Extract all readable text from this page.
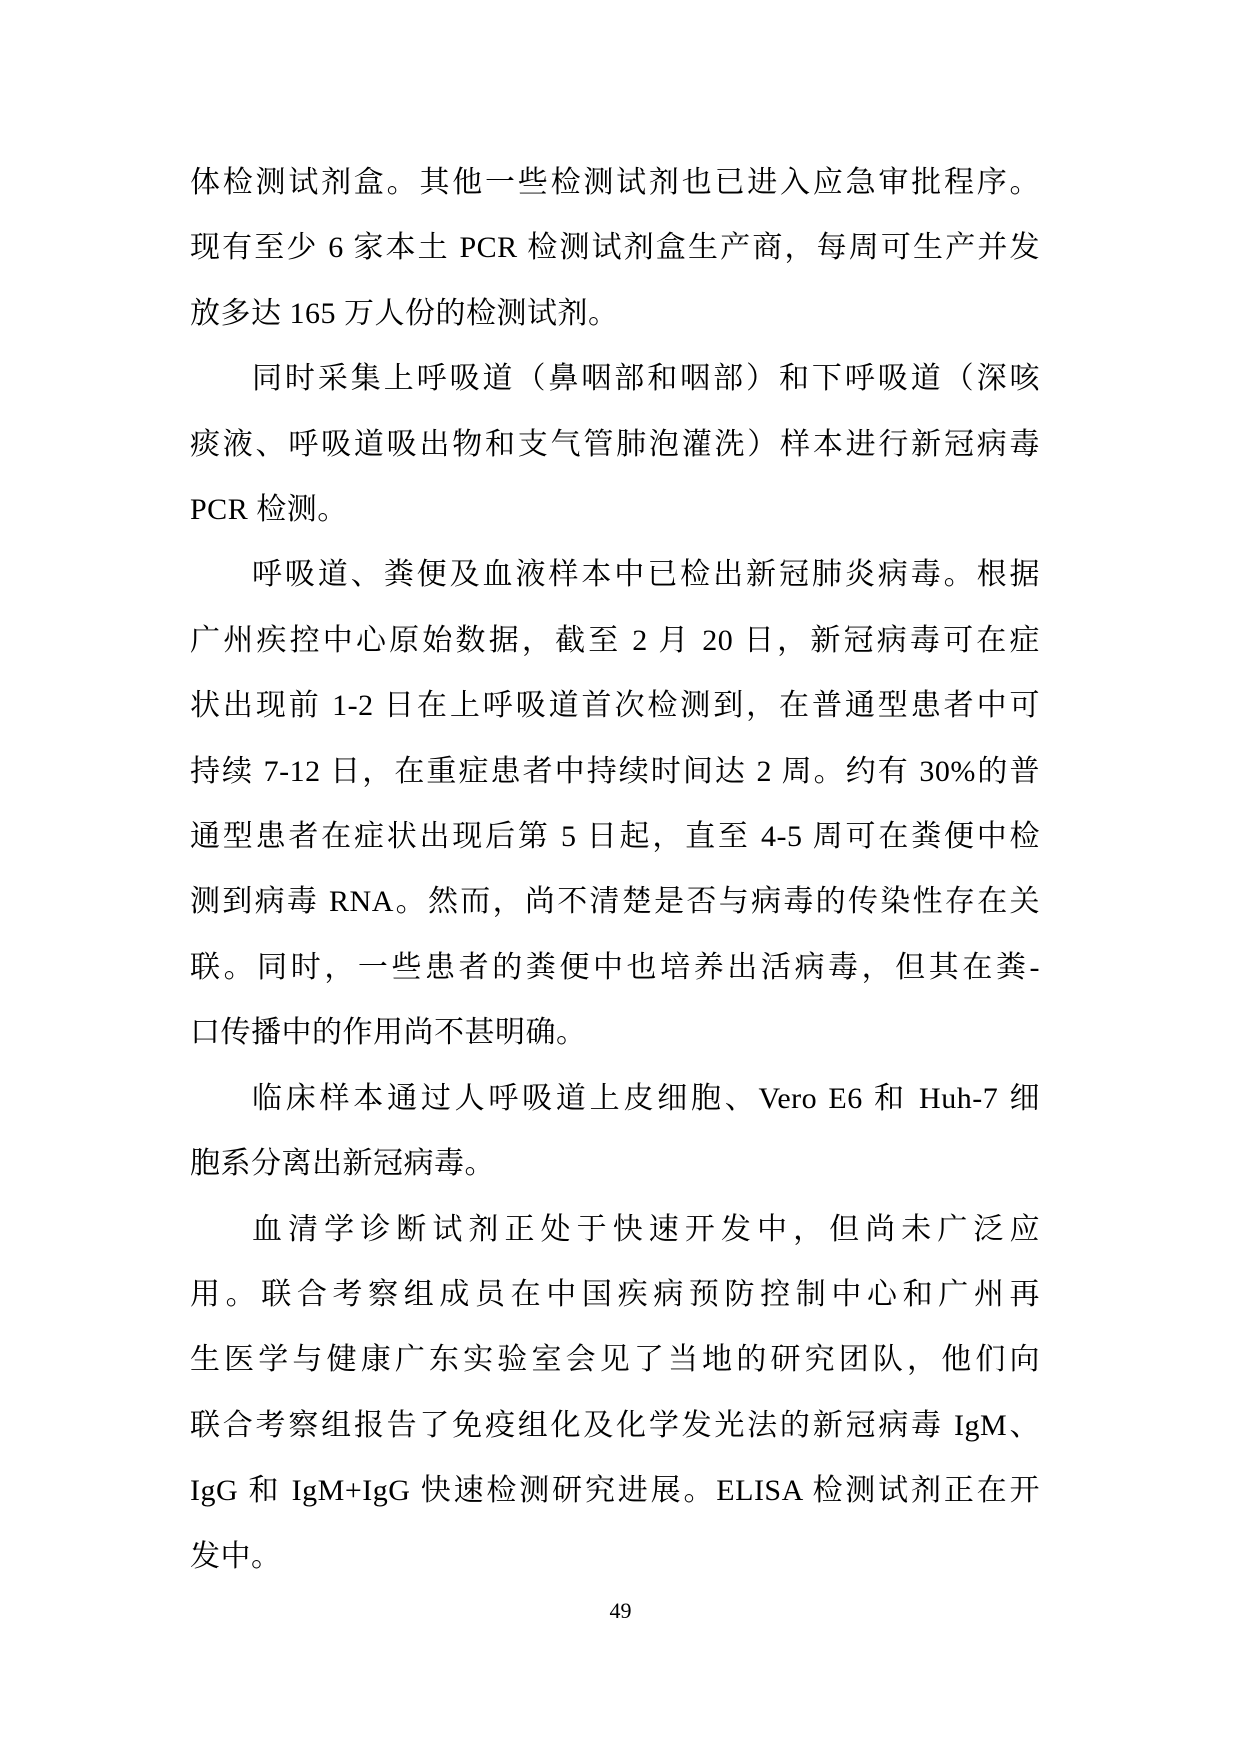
体检测试剂盒。其他一些检测试剂也已进入应急审批程序。
现有至少 6 家本土 PCR 检测试剂盒生产商，每周可生产并发
放多达 165 万人份的检测试剂。
同时采集上呼吸道（鼻咽部和咽部）和下呼吸道（深咳
痰液、呼吸道吸出物和支气管肺泡灌洗）样本进行新冠病毒
PCR 检测。
呼吸道、粪便及血液样本中已检出新冠肺炎病毒。根据
广州疾控中心原始数据，截至 2 月 20 日，新冠病毒可在症
状出现前 1-2 日在上呼吸道首次检测到，在普通型患者中可
持续 7-12 日，在重症患者中持续时间达 2 周。约有 30%的普
通型患者在症状出现后第 5 日起，直至 4-5 周可在粪便中检
测到病毒 RNA。然而，尚不清楚是否与病毒的传染性存在关
联。同时，一些患者的粪便中也培养出活病毒，但其在粪-
口传播中的作用尚不甚明确。
临床样本通过人呼吸道上皮细胞、Vero E6 和 Huh-7 细
胞系分离出新冠病毒。
血清学诊断试剂正处于快速开发中，但尚未广泛应
用。联合考察组成员在中国疾病预防控制中心和广州再
生医学与健康广东实验室会见了当地的研究团队，他们向
联合考察组报告了免疫组化及化学发光法的新冠病毒 IgM、
IgG 和 IgM+IgG 快速检测研究进展。ELISA 检测试剂正在开
发中。
49
